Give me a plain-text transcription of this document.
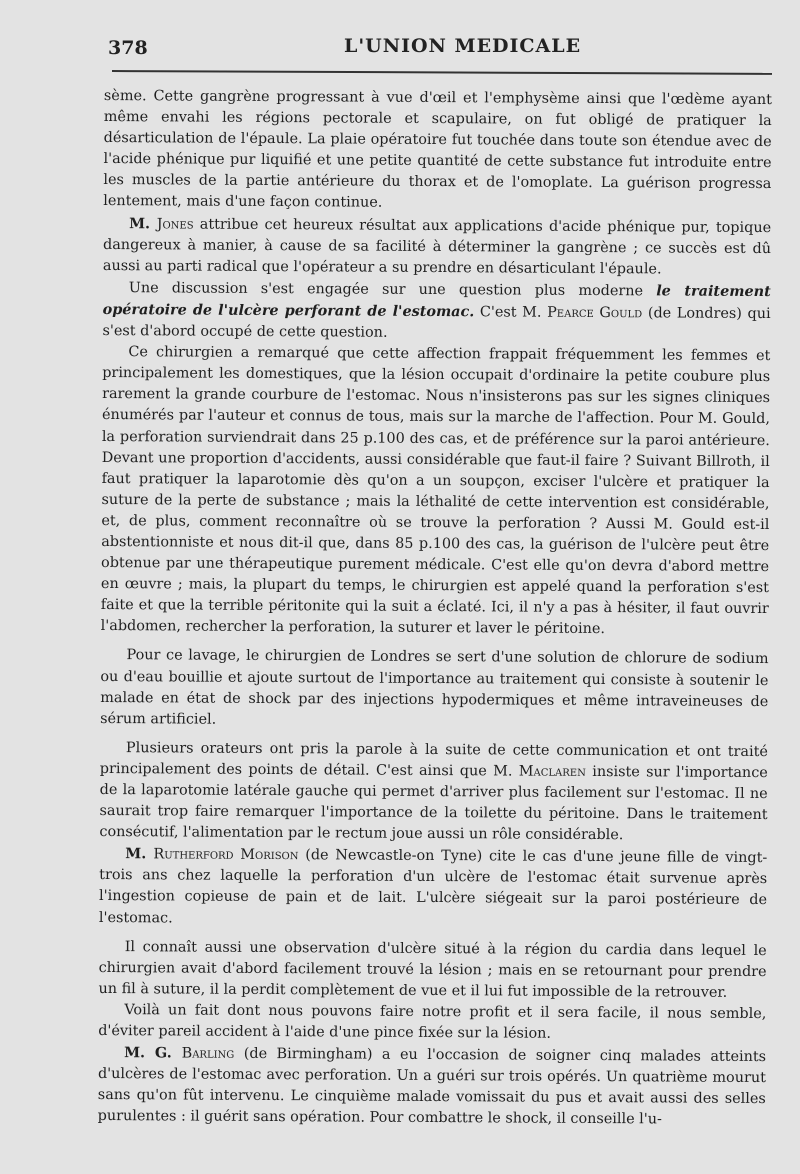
378	L'UNION MEDICALE

sème. Cette gangrène progressant à vue d'œil et l'emphysème ainsi que l'œdème ayant même envahi les régions pectorale et scapulaire, on fut obligé de pratiquer la désarticulation de l'épaule. La plaie opératoire fut touchée dans toute son étendue avec de l'acide phénique pur liquifié et une petite quantité de cette substance fut introduite entre les muscles de la partie antérieure du thorax et de l'omoplate. La guérison progressa lentement, mais d'une façon continue.

M. Jones attribue cet heureux résultat aux applications d'acide phénique pur, topique dangereux à manier, à cause de sa facilité à déterminer la gangrène ; ce succès est dû aussi au parti radical que l'opérateur a su prendre en désarticulant l'épaule.

Une discussion s'est engagée sur une question plus moderne le traitement opératoire de l'ulcère perforant de l'estomac. C'est M. Pearce Gould (de Londres) qui s'est d'abord occupé de cette question.

Ce chirurgien a remarqué que cette affection frappait fréquemment les femmes et principalement les domestiques, que la lésion occupait d'ordinaire la petite coubure plus rarement la grande courbure de l'estomac. Nous n'insisterons pas sur les signes cliniques énumérés par l'auteur et connus de tous, mais sur la marche de l'affection. Pour M. Gould, la perforation surviendrait dans 25 p.100 des cas, et de préférence sur la paroi antérieure. Devant une proportion d'accidents, aussi considérable que faut-il faire ? Suivant Billroth, il faut pratiquer la laparotomie dès qu'on a un soupçon, exciser l'ulcère et pratiquer la suture de la perte de substance ; mais la léthalité de cette intervention est considérable, et, de plus, comment reconnaître où se trouve la perforation ? Aussi M. Gould est-il abstentionniste et nous dit-il que, dans 85 p.100 des cas, la guérison de l'ulcère peut être obtenue par une thérapeutique purement médicale. C'est elle qu'on devra d'abord mettre en œuvre ; mais, la plupart du temps, le chirurgien est appelé quand la perforation s'est faite et que la terrible péritonite qui la suit a éclaté. Ici, il n'y a pas à hésiter, il faut ouvrir l'abdomen, rechercher la perforation, la suturer et laver le péritoine.

Pour ce lavage, le chirurgien de Londres se sert d'une solution de chlorure de sodium ou d'eau bouillie et ajoute surtout de l'importance au traitement qui consiste à soutenir le malade en état de shock par des injections hypodermiques et même intraveineuses de sérum artificiel.

Plusieurs orateurs ont pris la parole à la suite de cette communication et ont traité principalement des points de détail. C'est ainsi que M. Maclaren insiste sur l'importance de la laparotomie latérale gauche qui permet d'arriver plus facilement sur l'estomac. Il ne saurait trop faire remarquer l'importance de la toilette du péritoine. Dans le traitement consécutif, l'alimentation par le rectum joue aussi un rôle considérable.

M. Rutherford Morison (de Newcastle-on Tyne) cite le cas d'une jeune fille de vingt-trois ans chez laquelle la perforation d'un ulcère de l'estomac était survenue après l'ingestion copieuse de pain et de lait. L'ulcère siégeait sur la paroi postérieure de l'estomac.

Il connaît aussi une observation d'ulcère situé à la région du cardia dans lequel le chirurgien avait d'abord facilement trouvé la lésion ; mais en se retournant pour prendre un fil à suture, il la perdit complètement de vue et il lui fut impossible de la retrouver.

Voilà un fait dont nous pouvons faire notre profit et il sera facile, il nous semble, d'éviter pareil accident à l'aide d'une pince fixée sur la lésion.

M. G. Barling (de Birmingham) a eu l'occasion de soigner cinq malades atteints d'ulcères de l'estomac avec perforation. Un a guéri sur trois opérés. Un quatrième mourut sans qu'on fût intervenu. Le cinquième malade vomissait du pus et avait aussi des selles purulentes : il guérit sans opération. Pour combattre le shock, il conseille l'u-
